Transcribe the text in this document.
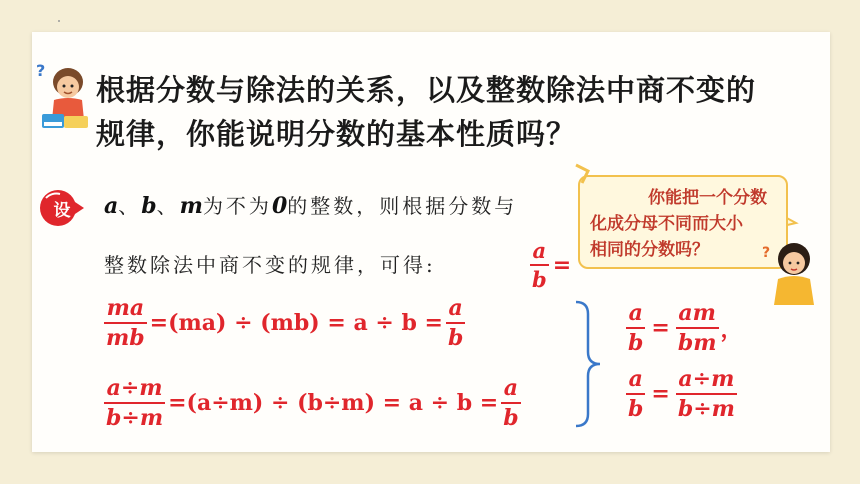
?
根据分数与除法的关系，以及整数除法中商不变的
规律，你能说明分数的基本性质吗？
设	a、b、m为不为0的整数，则根据分数与
整数除法中商不变的规律，可得:	$\frac{a}{b}$ =
你能把一个分数
化成分母不同而大小
相同的分数吗？	?
$\frac{ma}{mb} =(ma) \div (mb) = a \div b = \frac{a}{b}$
$\frac{a\div m}{b\div m} =(a\div m) \div (b\div m) = a \div b = \frac{a}{b}$
$\frac{a}{b} = \frac{am}{bm}$ ，
$\frac{a}{b} = \frac{a\div m}{b\div m}$
